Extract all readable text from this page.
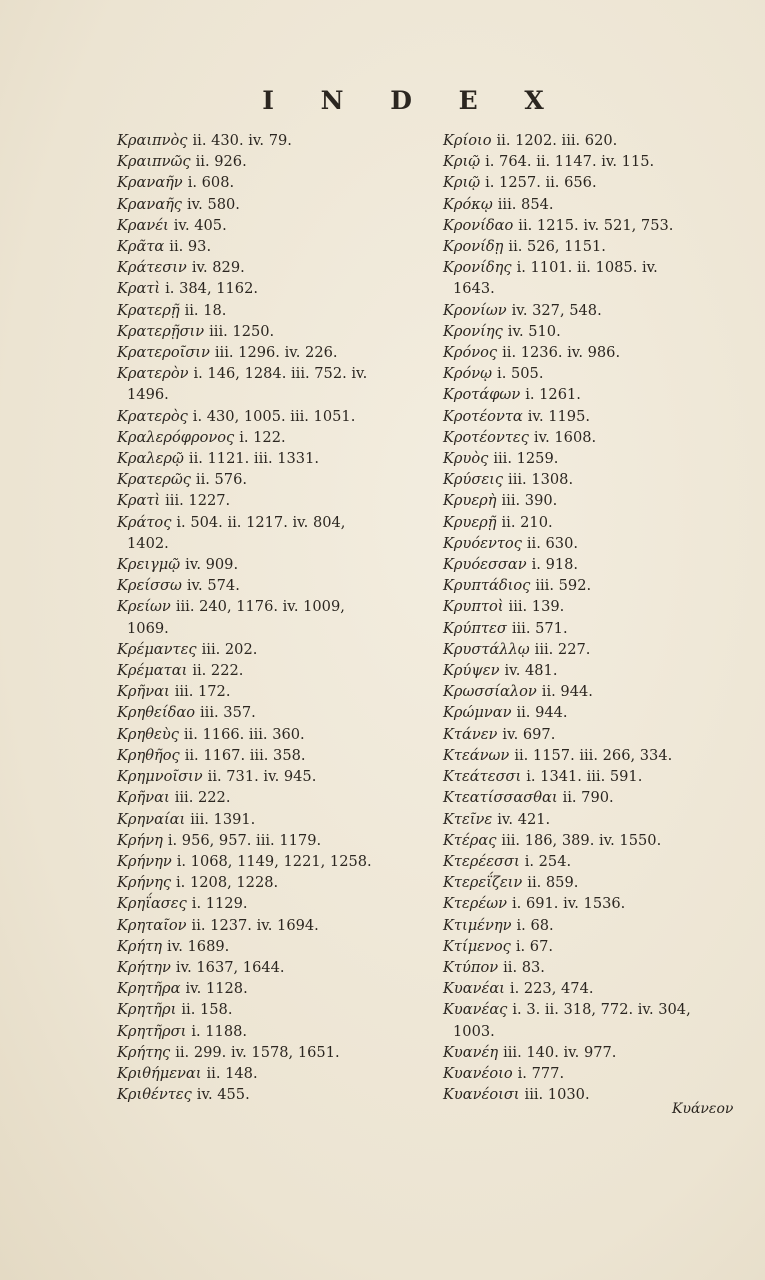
I N D E X
Κραιπνὸς ii. 430. iv. 79.
Κραιπνῶς ii. 926.
Κραναῆν i. 608.
Κραναῆς iv. 580.
Κρανέι iv. 405.
Κρᾶτα ii. 93.
Κράτεσιν iv. 829.
Κρατὶ i. 384, 1162.
Κρατερῇ ii. 18.
Κρατερῇσιν iii. 1250.
Κρατεροῖσιν iii. 1296. iv. 226.
Κρατερὸν i. 146, 1284. iii. 752. iv.
1496.
Κρατερὸς i. 430, 1005. iii. 1051.
Κραλερόφρονος i. 122.
Κραλερῷ ii. 1121. iii. 1331.
Κρατερῶς ii. 576.
Κρατὶ iii. 1227.
Κράτος i. 504. ii. 1217. iv. 804,
1402.
Κρειγμῷ iv. 909.
Κρείσσω iv. 574.
Κρείων iii. 240, 1176. iv. 1009,
1069.
Κρέμαντες iii. 202.
Κρέμαται ii. 222.
Κρῆναι iii. 172.
Κρηθείδαο iii. 357.
Κρηθεὺς ii. 1166. iii. 360.
Κρηθῆος ii. 1167. iii. 358.
Κρημνοῖσιν ii. 731. iv. 945.
Κρῆναι iii. 222.
Κρηναίαι iii. 1391.
Κρήνη i. 956, 957. iii. 1179.
Κρήνην i. 1068, 1149, 1221, 1258.
Κρήνης i. 1208, 1228.
Κρηΐασες i. 1129.
Κρηταῖον ii. 1237. iv. 1694.
Κρήτη iv. 1689.
Κρήτην iv. 1637, 1644.
Κρητῆρα iv. 1128.
Κρητῆρι ii. 158.
Κρητῆρσι i. 1188.
Κρήτης ii. 299. iv. 1578, 1651.
Κριθήμεναι ii. 148.
Κριθέντες iv. 455.
Κρίοιο ii. 1202. iii. 620.
Κριῷ i. 764. ii. 1147. iv. 115.
Κριῷ i. 1257. ii. 656.
Κρόκῳ iii. 854.
Κρονίδαο ii. 1215. iv. 521, 753.
Κρονίδῃ ii. 526, 1151.
Κρονίδης i. 1101. ii. 1085. iv.
1643.
Κρονίων iv. 327, 548.
Κρονίης iv. 510.
Κρόνος ii. 1236. iv. 986.
Κρόνῳ i. 505.
Κροτάφων i. 1261.
Κροτέοντα iv. 1195.
Κροτέοντες iv. 1608.
Κρυὸς iii. 1259.
Κρύσεις iii. 1308.
Κρυερὴ iii. 390.
Κρυερῇ ii. 210.
Κρυόεντος ii. 630.
Κρυόεσσαν i. 918.
Κρυπτάδιος iii. 592.
Κρυπτοὶ iii. 139.
Κρύπτεσ iii. 571.
Κρυστάλλῳ iii. 227.
Κρύψεν iv. 481.
Κρωσσίαλον ii. 944.
Κρώμναν ii. 944.
Κτάνεν iv. 697.
Κτεάνων ii. 1157. iii. 266, 334.
Κτεάτεσσι i. 1341. iii. 591.
Κτεατίσσασθαι ii. 790.
Κτεῖνε iv. 421.
Κτέρας iii. 186, 389. iv. 1550.
Κτερέεσσι i. 254.
Κτερεΐζειν ii. 859.
Κτερέων i. 691. iv. 1536.
Κτιμένην i. 68.
Κτίμενος i. 67.
Κτύπον ii. 83.
Κυανέαι i. 223, 474.
Κυανέας i. 3. ii. 318, 772. iv. 304,
1003.
Κυανέη iii. 140. iv. 977.
Κυανέοιο i. 777.
Κυανέοισι iii. 1030.
Κυάνεον
